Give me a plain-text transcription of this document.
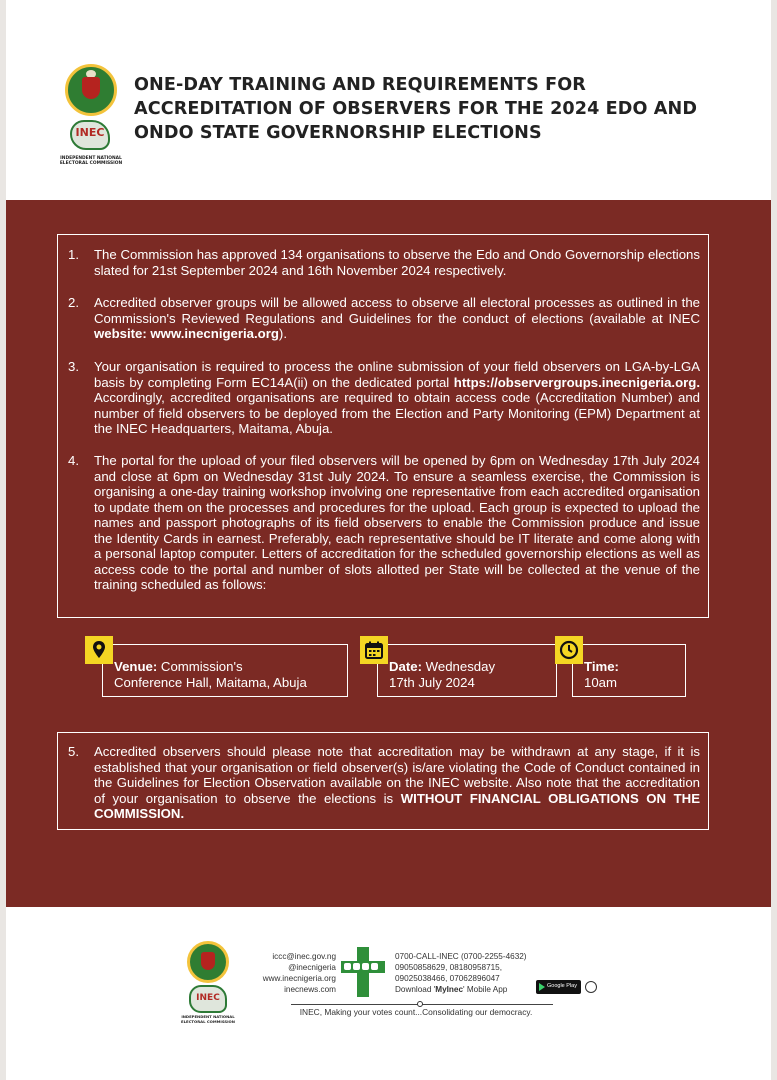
INEC
INDEPENDENT NATIONAL ELECTORAL COMMISSION
ONE-DAY TRAINING AND REQUIREMENTS FOR ACCREDITATION OF OBSERVERS FOR THE 2024 EDO AND ONDO STATE GOVERNORSHIP ELECTIONS
1.	The Commission has approved 134 organisations to observe the Edo and Ondo Governorship elections slated for 21st September 2024 and 16th November 2024 respectively.
2.	Accredited observer groups will be allowed access to observe all electoral processes as outlined in the Commission's Reviewed Regulations and Guidelines for the conduct of elections (available at INEC website: www.inecnigeria.org).
3.	Your organisation is required to process the online submission of your field observers on LGA-by-LGA basis by completing Form EC14A(ii) on the dedicated portal https://observergroups.inecnigeria.org. Accordingly, accredited organisations are required to obtain access code (Accreditation Number) and number of field observers to be deployed from the Election and Party Monitoring (EPM) Department at the INEC Headquarters, Maitama, Abuja.
4.	The portal for the upload of your filed observers will be opened by 6pm on Wednesday 17th July 2024 and close at 6pm on Wednesday 31st July 2024. To ensure a seamless exercise, the Commission is organising a one-day training workshop involving one representative from each accredited organisation to update them on the processes and procedures for the upload. Each group is expected to upload the names and passport photographs of its field observers to enable the Commission produce and issue the Identity Cards in earnest. Preferably, each representative should be IT literate and come along with a personal laptop computer. Letters of accreditation for the scheduled governorship elections as well as access code to the portal and number of slots allotted per State will be collected at the venue of the training scheduled as follows:
Venue: Commission's
Conference Hall, Maitama, Abuja
Date: Wednesday
17th July 2024
Time:
10am
5.	Accredited observers should please note that accreditation may be withdrawn at any stage, if it is established that your organisation or field observer(s) is/are violating the Code of Conduct contained in the Guidelines for Election Observation available on the INEC website. Also note that the accreditation of your organisation to observe the elections is WITHOUT FINANCIAL OBLIGATIONS ON THE COMMISSION.
INEC
INDEPENDENT NATIONAL ELECTORAL COMMISSION
iccc@inec.gov.ng
@inecnigeria
www.inecnigeria.org
inecnews.com
0700-CALL-INEC (0700-2255-4632)
09050858629, 08180958715,
09025038466, 07062896047
Download 'MyInec' Mobile App	Google Play
INEC, Making your votes count...Consolidating our democracy.
